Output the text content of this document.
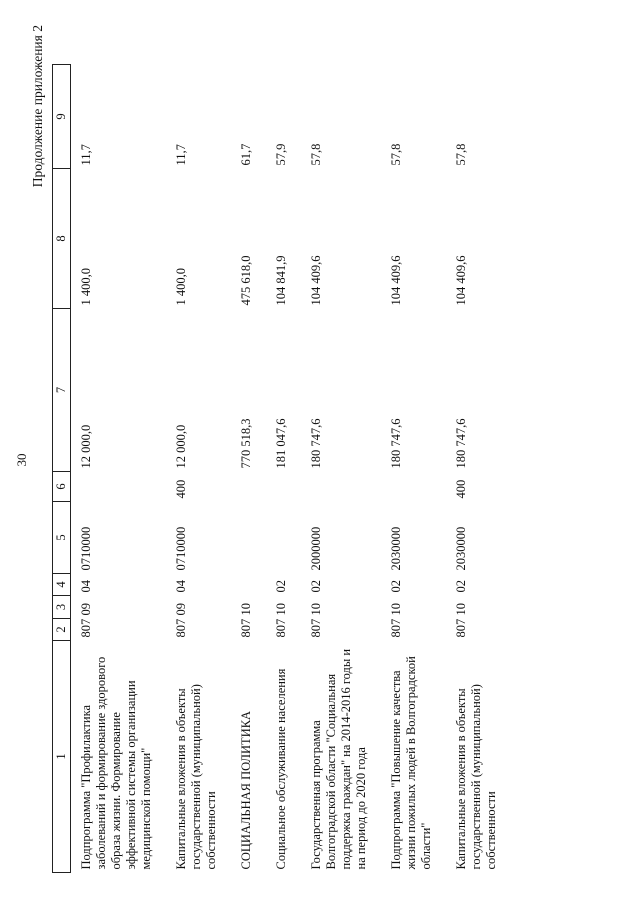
30
Продолжение приложения 2
1	2	3	4	5	6	7	8	9
Подпрограмма "Профилактика заболеваний и формирование здорового образа жизни. Формирование эффективной системы организации медицинской помощи"	807	09	04	0710000		12 000,0	1 400,0	11,7
Капитальные вложения в объекты государственной (муниципальной) собственности	807	09	04	0710000	400	12 000,0	1 400,0	11,7
СОЦИАЛЬНАЯ ПОЛИТИКА	807	10				770 518,3	475 618,0	61,7
Социальное обслуживание населения	807	10	02			181 047,6	104 841,9	57,9
Государственная программа Волгоградской области "Социальная поддержка граждан" на 2014-2016 годы и на период до 2020 года	807	10	02	2000000		180 747,6	104 409,6	57,8
Подпрограмма "Повышение качества жизни пожилых людей в Волгоградской области"	807	10	02	2030000		180 747,6	104 409,6	57,8
Капитальные вложения в объекты государственной (муниципальной) собственности	807	10	02	2030000	400	180 747,6	104 409,6	57,8
